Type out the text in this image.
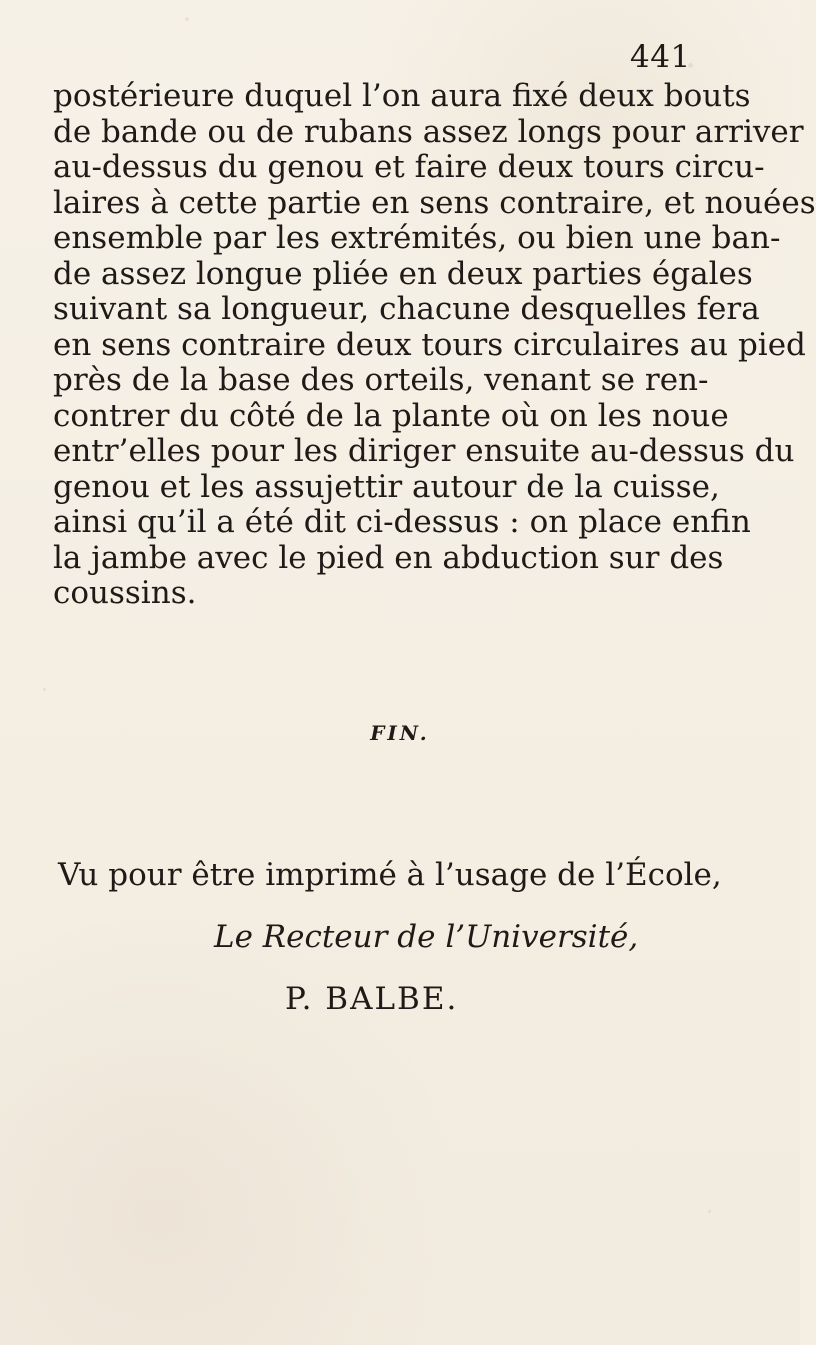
441
postérieure duquel l’on aura fixé deux bouts
de bande ou de rubans assez longs pour arriver
au-dessus du genou et faire deux tours circu-
laires à cette partie en sens contraire, et nouées
ensemble par les extrémités, ou bien une ban-
de assez longue pliée en deux parties égales
suivant sa longueur, chacune desquelles fera
en sens contraire deux tours circulaires au pied
près de la base des orteils, venant se ren-
contrer du côté de la plante où on les noue
entr’elles pour les diriger ensuite au-dessus du
genou et les assujettir autour de la cuisse,
ainsi qu’il a été dit ci-dessus : on place enfin
la jambe avec le pied en abduction sur des
coussins.
FIN.
Vu pour être imprimé à l’usage de l’École,
Le Recteur de l’Université,
P. BALBE.
